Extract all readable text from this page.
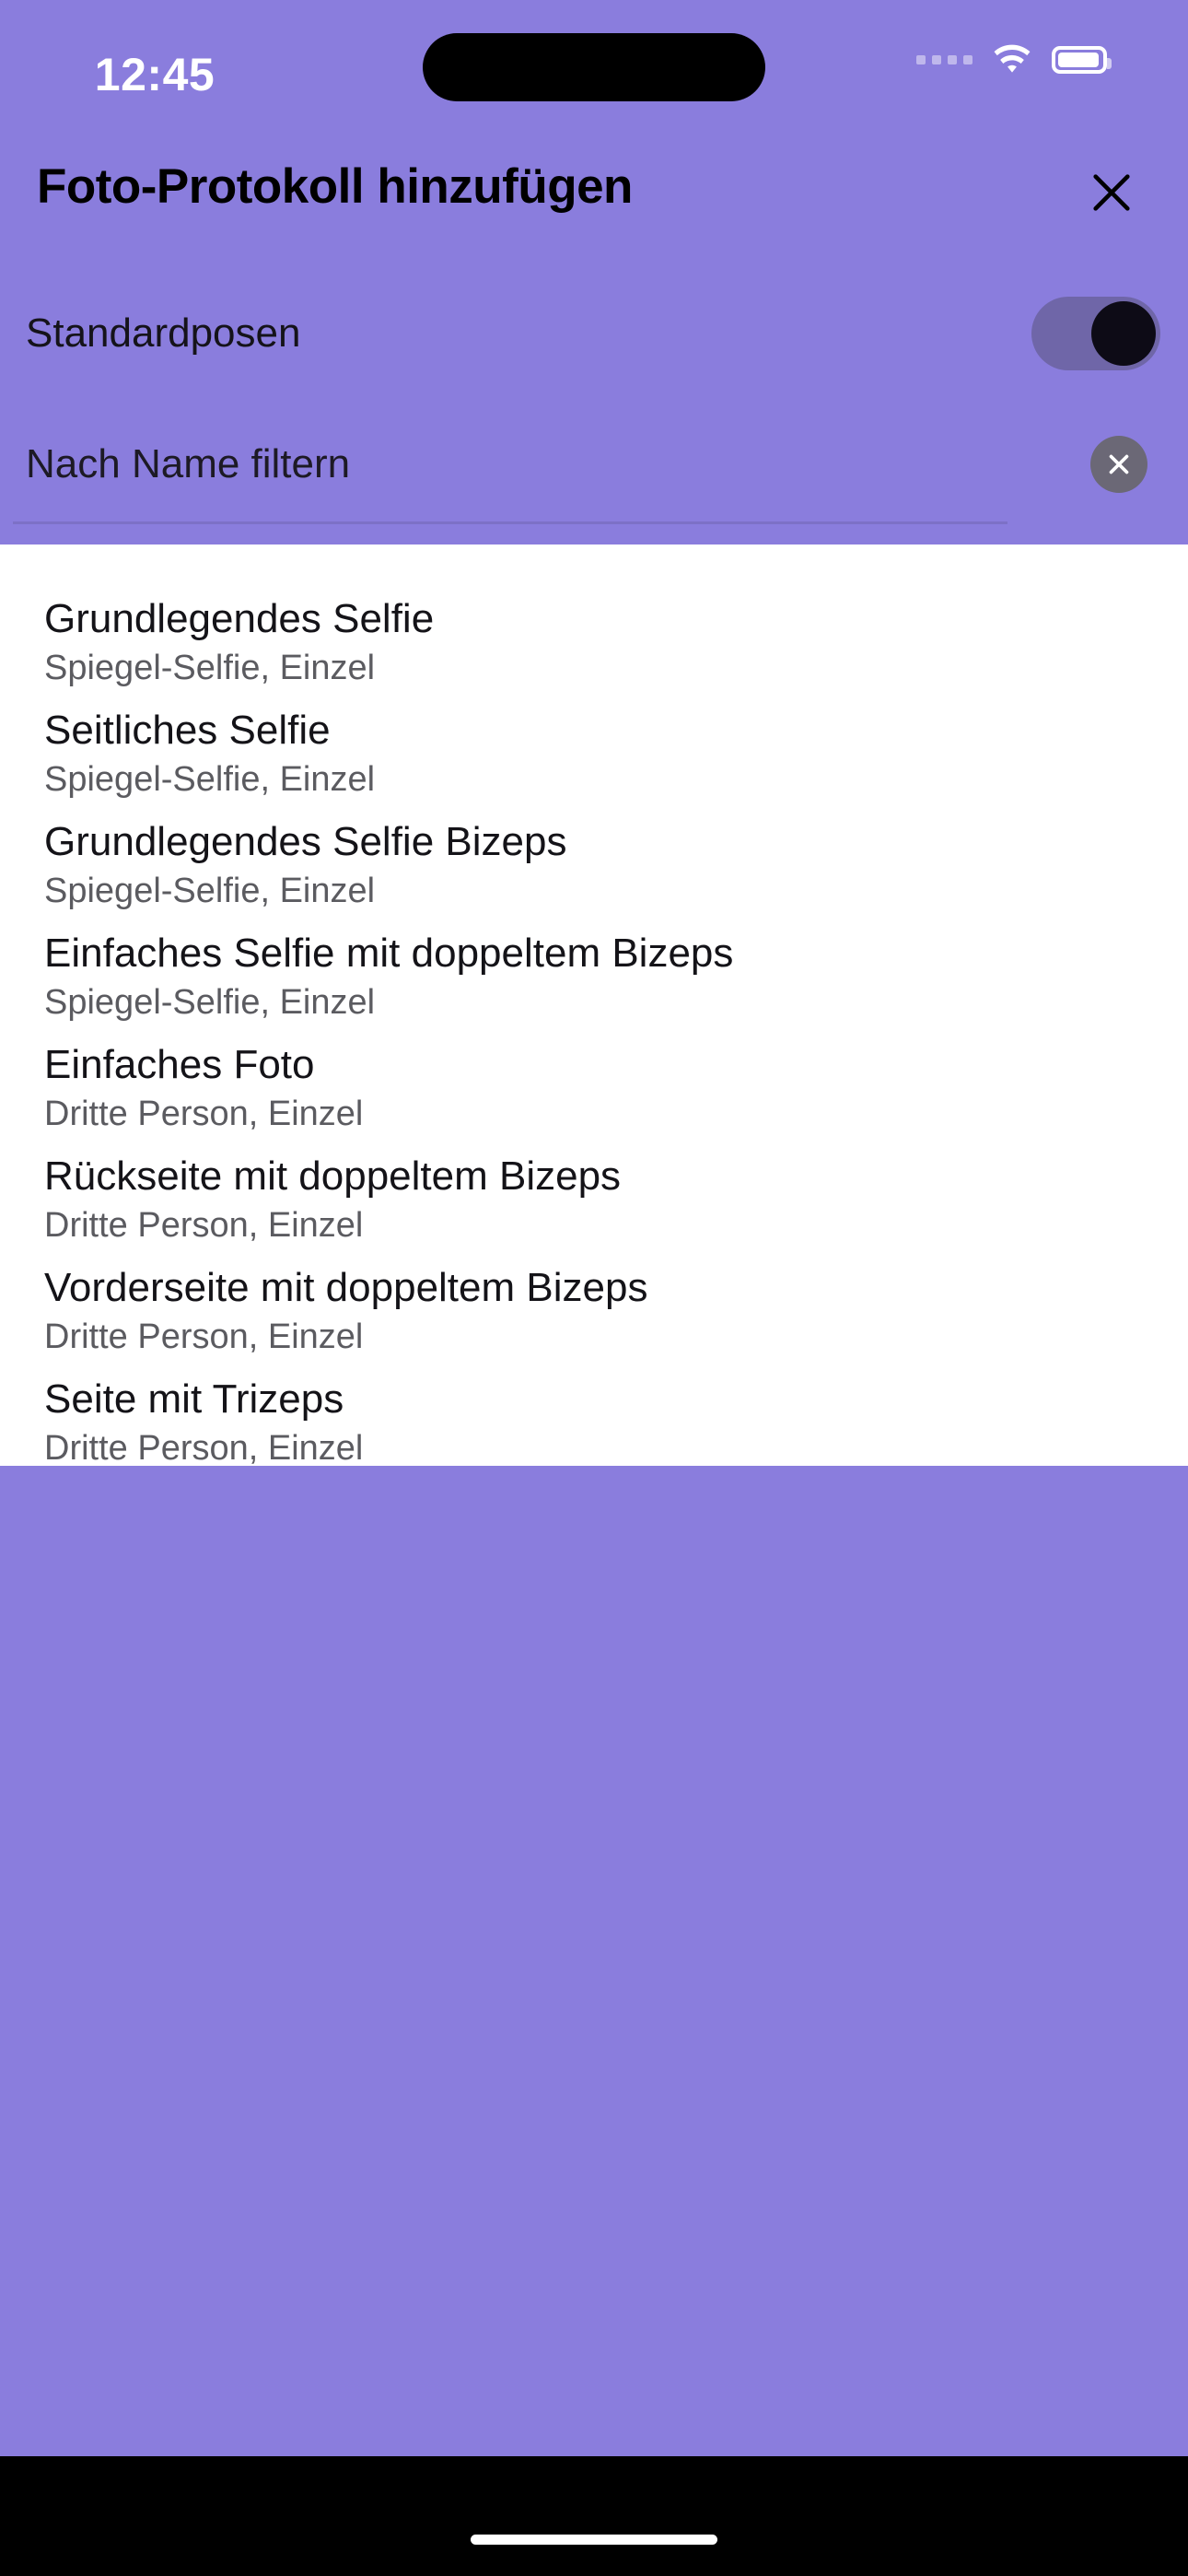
12:45
Foto-Protokoll hinzufügen
Standardposen
Nach Name filtern
Grundlegendes Selfie
Spiegel-Selfie, Einzel
Seitliches Selfie
Spiegel-Selfie, Einzel
Grundlegendes Selfie Bizeps
Spiegel-Selfie, Einzel
Einfaches Selfie mit doppeltem Bizeps
Spiegel-Selfie, Einzel
Einfaches Foto
Dritte Person, Einzel
Rückseite mit doppeltem Bizeps
Dritte Person, Einzel
Vorderseite mit doppeltem Bizeps
Dritte Person, Einzel
Seite mit Trizeps
Dritte Person, Einzel
